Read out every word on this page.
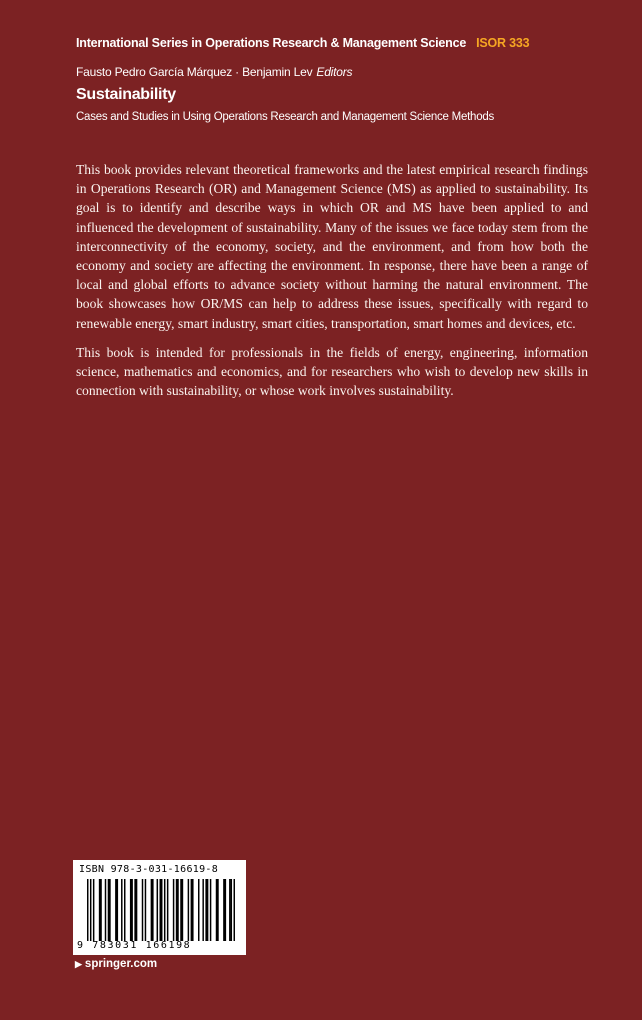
International Series in Operations Research & Management Science ISOR 333
Fausto Pedro García Márquez · Benjamin Lev Editors
Sustainability
Cases and Studies in Using Operations Research and Management Science Methods

This book provides relevant theoretical frameworks and the latest empirical research findings in Operations Research (OR) and Management Science (MS) as applied to sustainability. Its goal is to identify and describe ways in which OR and MS have been applied to and influenced the development of sustainability. Many of the issues we face today stem from the interconnectivity of the economy, society, and the environment, and from how both the economy and society are affecting the environment. In response, there have been a range of local and global efforts to advance society without harming the natural environment. The book showcases how OR/MS can help to address these issues, specifically with regard to renewable energy, smart industry, smart cities, transportation, smart homes and devices, etc.

This book is intended for professionals in the fields of energy, engineering, information science, mathematics and economics, and for researchers who wish to develop new skills in connection with sustainability, or whose work involves sustainability.

ISBN 978-3-031-16619-8
9 783031 166198
▶ springer.com
